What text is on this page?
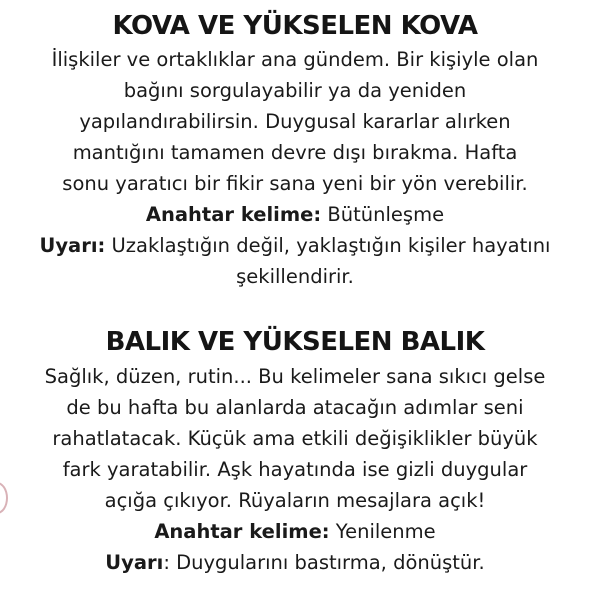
KOVA VE YÜKSELEN KOVA
İlişkiler ve ortaklıklar ana gündem. Bir kişiyle olan
bağını sorgulayabilir ya da yeniden
yapılandırabilirsin. Duygusal kararlar alırken
mantığını tamamen devre dışı bırakma. Hafta
sonu yaratıcı bir fikir sana yeni bir yön verebilir.
Anahtar kelime: Bütünleşme
Uyarı: Uzaklaştığın değil, yaklaştığın kişiler hayatını
şekillendirir.
BALIK VE YÜKSELEN BALIK
Sağlık, düzen, rutin... Bu kelimeler sana sıkıcı gelse
de bu hafta bu alanlarda atacağın adımlar seni
rahatlatacak. Küçük ama etkili değişiklikler büyük
fark yaratabilir. Aşk hayatında ise gizli duygular
açığa çıkıyor. Rüyaların mesajlara açık!
Anahtar kelime: Yenilenme
Uyarı: Duygularını bastırma, dönüştür.
